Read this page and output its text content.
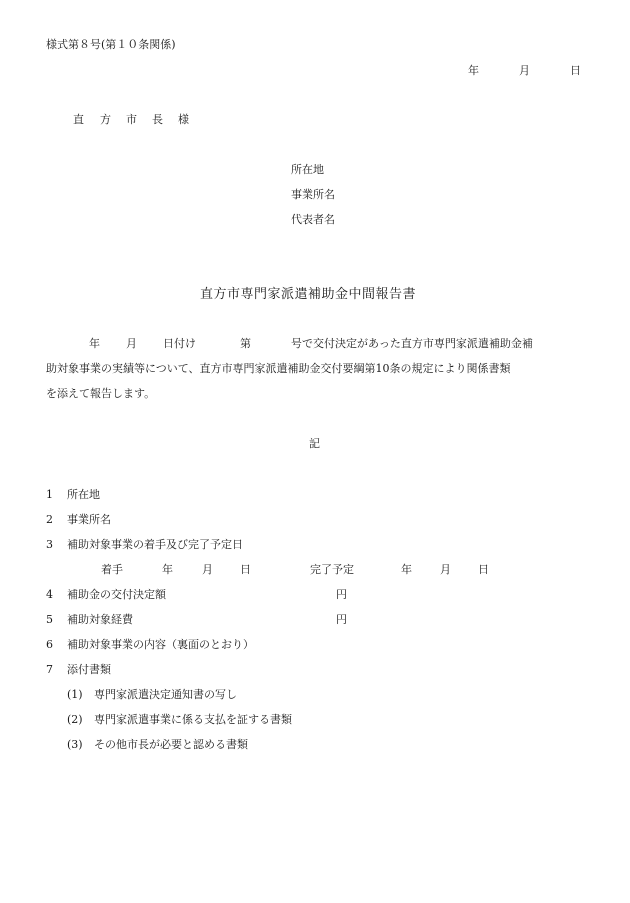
様式第８号(第１０条関係)
年	月	日
直 方 市 長 様
所在地
事業所名
代表者名
直方市専門家派遣補助金中間報告書
年 月 日付け	第	号で交付決定があった直方市専門家派遣補助金補
助対象事業の実績等について、直方市専門家派遣補助金交付要綱第10条の規定により関係書類
を添えて報告します。
記
1 所在地
2 事業所名
3 補助対象事業の着手及び完了予定日
着手	年	月 日	完了予定	年	月 日
4 補助金の交付決定額	円
5 補助対象経費	円
6 補助対象事業の内容（裏面のとおり）
7 添付書類
(1) 専門家派遣決定通知書の写し
(2) 専門家派遣事業に係る支払を証する書類
(3) その他市長が必要と認める書類
